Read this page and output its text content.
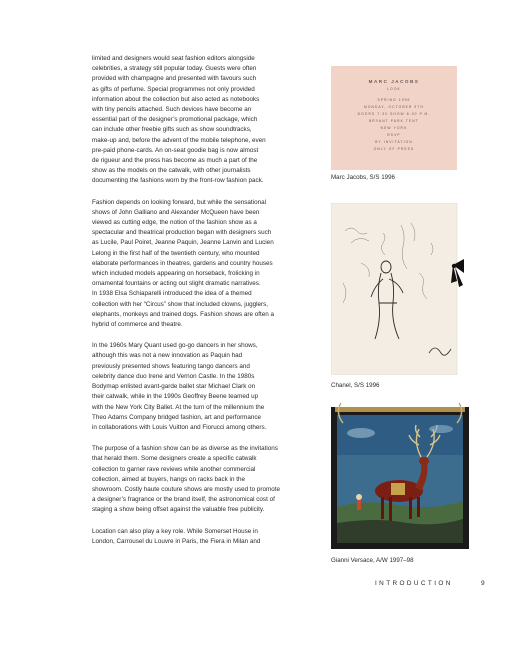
limited and designers would seat fashion editors alongside
celebrities, a strategy still popular today. Guests were often
provided with champagne and presented with favours such
as gifts of perfume. Special programmes not only provided
information about the collection but also acted as notebooks
with tiny pencils attached. Such devices have become an
essential part of the designer’s promotional package, which
can include other freebie gifts such as show soundtracks,
make-up and, before the advent of the mobile telephone, even
pre-paid phone-cards. An on-seat goodie bag is now almost
de rigueur and the press has become as much a part of the
show as the models on the catwalk, with other journalists
documenting the fashions worn by the front-row fashion pack.

Fashion depends on looking forward, but while the sensational
shows of John Galliano and Alexander McQueen have been
viewed as cutting edge, the notion of the fashion show as a
spectacular and theatrical production began with designers such
as Lucile, Paul Poiret, Jeanne Paquin, Jeanne Lanvin and Lucien
Lelong in the first half of the twentieth century, who mounted
elaborate performances in theatres, gardens and country houses
which included models appearing on horseback, frolicking in
ornamental fountains or acting out slight dramatic narratives.
In 1938 Elsa Schiaparelli introduced the idea of a themed
collection with her “Circus” show that included clowns, jugglers,
elephants, monkeys and trained dogs. Fashion shows are often a
hybrid of commerce and theatre.

In the 1960s Mary Quant used go-go dancers in her shows,
although this was not a new innovation as Paquin had
previously presented shows featuring tango dancers and
celebrity dance duo Irene and Vernon Castle. In the 1980s
Bodymap enlisted avant-garde ballet star Michael Clark on
their catwalk, while in the 1990s Geoffrey Beene teamed up
with the New York City Ballet. At the turn of the millennium the
Theo Adams Company bridged fashion, art and performance
in collaborations with Louis Vuitton and Fiorucci among others.

The purpose of a fashion show can be as diverse as the invitations
that herald them. Some designers create a specific catwalk
collection to garner rave reviews while another commercial
collection, aimed at buyers, hangs on racks back in the
showroom. Costly haute couture shows are mostly used to promote
a designer’s fragrance or the brand itself, the astronomical cost of
staging a show being offset against the valuable free publicity.

Location can also play a key role. While Somerset House in
London, Carrousel du Louvre in Paris, the Fiera in Milan and

MARC JACOBS
LOOK
SPRING 1996
MONDAY, OCTOBER 9TH
DOORS 7:30 SHOW 8:00 P.M.
BRYANT PARK TENT
NEW YORK
RSVP
BY INVITATION
ONLY OF PRESS
Marc Jacobs, S/S 1996
Chanel, S/S 1996
Gianni Versace, A/W 1997–98
INTRODUCTION	9
